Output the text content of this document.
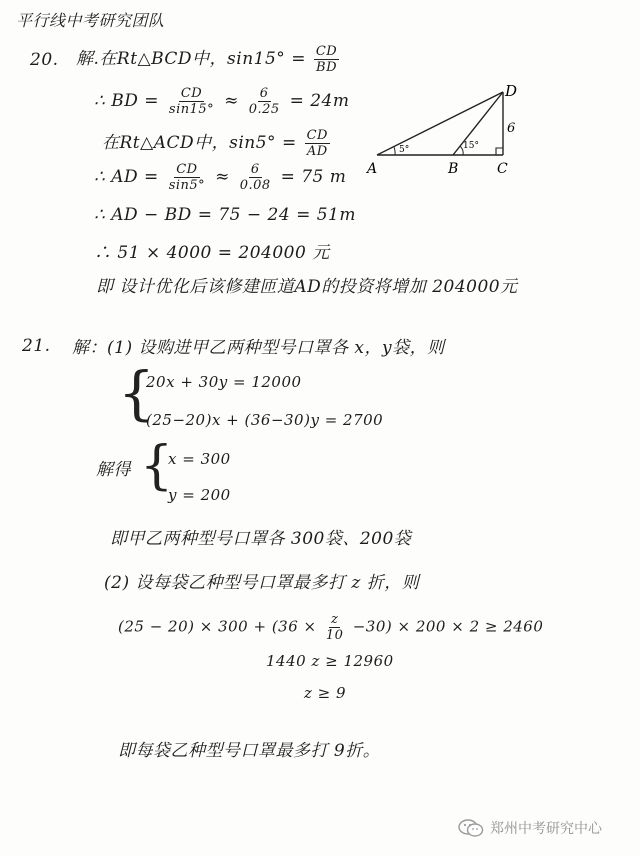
平行线中考研究团队
20. 解.在Rt△BCD中，$\sin 15^\circ = \frac{CD}{BD}$
∴ BD = $\frac{CD}{\sin 15^\circ} \approx \frac{6}{0.25} = 24m$
在Rt△ACD中，$\sin 5^\circ = \frac{CD}{AD}$
∴ AD = $\frac{CD}{\sin 5^\circ} \approx \frac{6}{0.08} = 75$ m
∴ AD − BD = 75 − 24 = 51m
∴ 51 × 4000 = 204000 元
即 设计优化后该修建匝道AD的投资将增加 204000元
A	B	C
D
5°	15°
6
21. 解：(1) 设购进甲乙两种型号口罩各 x，y袋，则
{
20x + 30y = 12000
(25−20)x + (36−30)y = 2700
解得 {
x = 300
y = 200
即甲乙两种型号口罩各 300袋、200袋
(2) 设每袋乙种型号口罩最多打 z 折，则
$(25 - 20) \times 300 + (36 \times \frac{z}{10} -30) \times 200 \times 2 \ge 2460$
1440 z ≥ 12960
z ≥ 9
即每袋乙种型号口罩最多打 9折。
郑州中考研究中心
